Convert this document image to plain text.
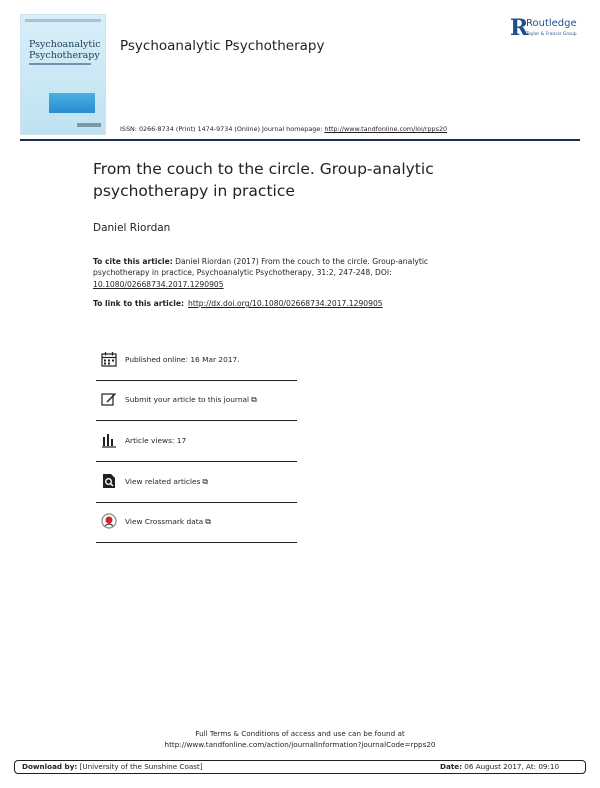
Psychoanalytic
Psychotherapy
Psychoanalytic Psychotherapy
R
Routledge
Taylor & Francis Group
ISSN: 0266-8734 (Print) 1474-9734 (Online) Journal homepage: http://www.tandfonline.com/loi/rpps20
From the couch to the circle. Group-analytic
psychotherapy in practice
Daniel Riordan
To cite this article: Daniel Riordan (2017) From the couch to the circle. Group-analytic psychotherapy in practice, Psychoanalytic Psychotherapy, 31:2, 247-248, DOI: 10.1080/02668734.2017.1290905
To link to this article: http://dx.doi.org/10.1080/02668734.2017.1290905
Published online: 16 Mar 2017.
Submit your article to this journal ⧉
Article views: 17
View related articles ⧉
View Crossmark data ⧉
Full Terms & Conditions of access and use can be found at
http://www.tandfonline.com/action/journalInformation?journalCode=rpps20
Download by: [University of the Sunshine Coast]	Date: 06 August 2017, At: 09:10
